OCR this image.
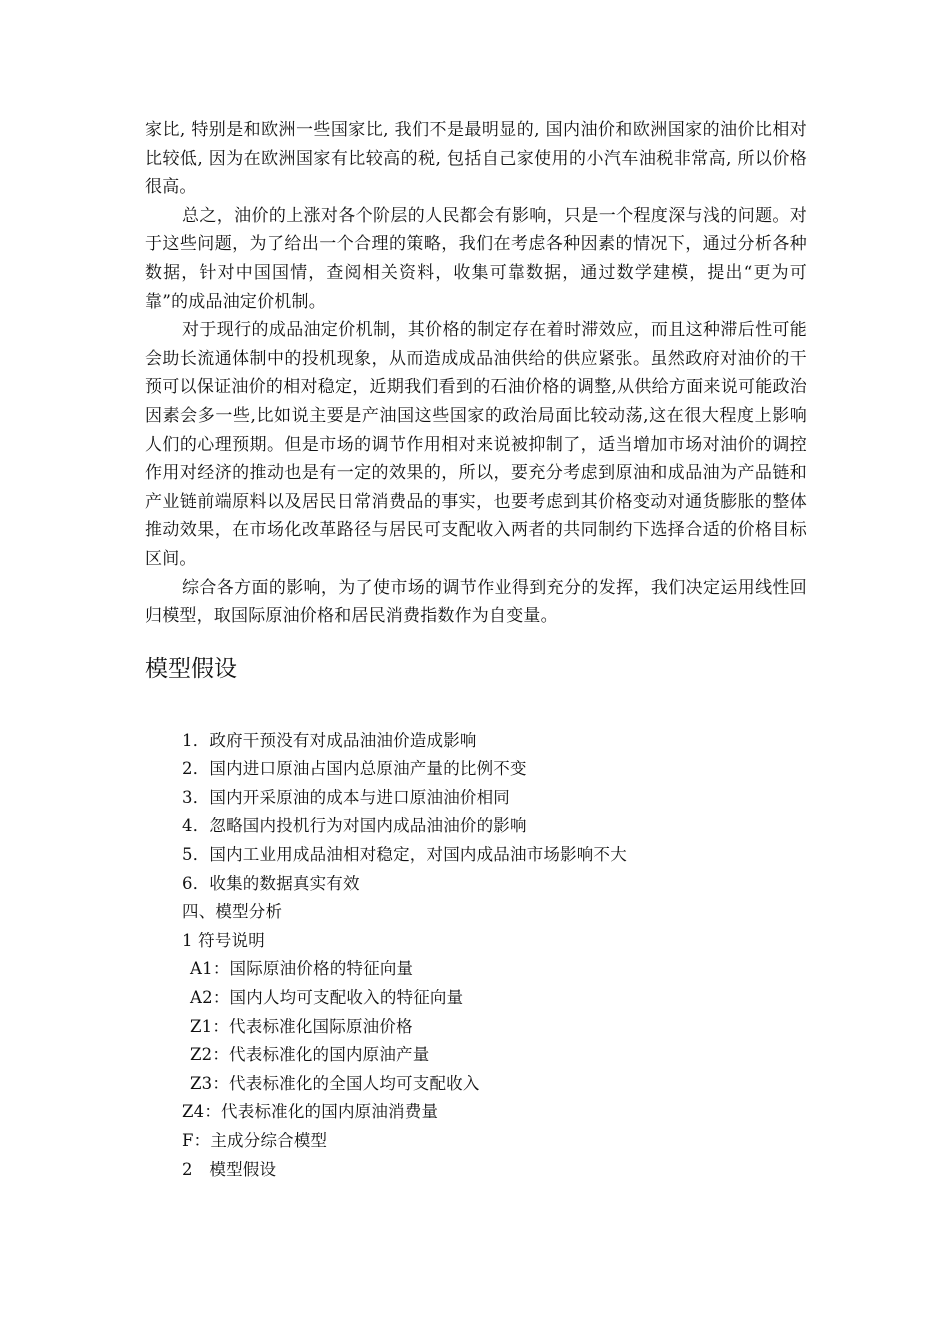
家比, 特别是和欧洲一些国家比, 我们不是最明显的, 国内油价和欧洲国家的油价比相对比较低, 因为在欧洲国家有比较高的税, 包括自己家使用的小汽车油税非常高, 所以价格很高。

总之，油价的上涨对各个阶层的人民都会有影响，只是一个程度深与浅的问题。对于这些问题，为了给出一个合理的策略，我们在考虑各种因素的情况下，通过分析各种数据，针对中国国情，查阅相关资料，收集可靠数据，通过数学建模，提出“更为可靠”的成品油定价机制。

对于现行的成品油定价机制，其价格的制定存在着时滞效应，而且这种滞后性可能会助长流通体制中的投机现象，从而造成成品油供给的供应紧张。虽然政府对油价的干预可以保证油价的相对稳定，近期我们看到的石油价格的调整,从供给方面来说可能政治因素会多一些,比如说主要是产油国这些国家的政治局面比较动荡,这在很大程度上影响人们的心理预期。但是市场的调节作用相对来说被抑制了，适当增加市场对油价的调控作用对经济的推动也是有一定的效果的，所以，要充分考虑到原油和成品油为产品链和产业链前端原料以及居民日常消费品的事实，也要考虑到其价格变动对通货膨胀的整体推动效果，在市场化改革路径与居民可支配收入两者的共同制约下选择合适的价格目标区间。

综合各方面的影响，为了使市场的调节作业得到充分的发挥，我们决定运用线性回归模型，取国际原油价格和居民消费指数作为自变量。

模型假设
1．政府干预没有对成品油油价造成影响
2．国内进口原油占国内总原油产量的比例不变
3．国内开采原油的成本与进口原油油价相同
4．忽略国内投机行为对国内成品油油价的影响
5．国内工业用成品油相对稳定，对国内成品油市场影响不大
6．收集的数据真实有效
四、模型分析
1 符号说明
A1：国际原油价格的特征向量
A2：国内人均可支配收入的特征向量
Z1：代表标准化国际原油价格
Z2：代表标准化的国内原油产量
Z3：代表标准化的全国人均可支配收入
Z4：代表标准化的国内原油消费量
F：主成分综合模型
2　模型假设
